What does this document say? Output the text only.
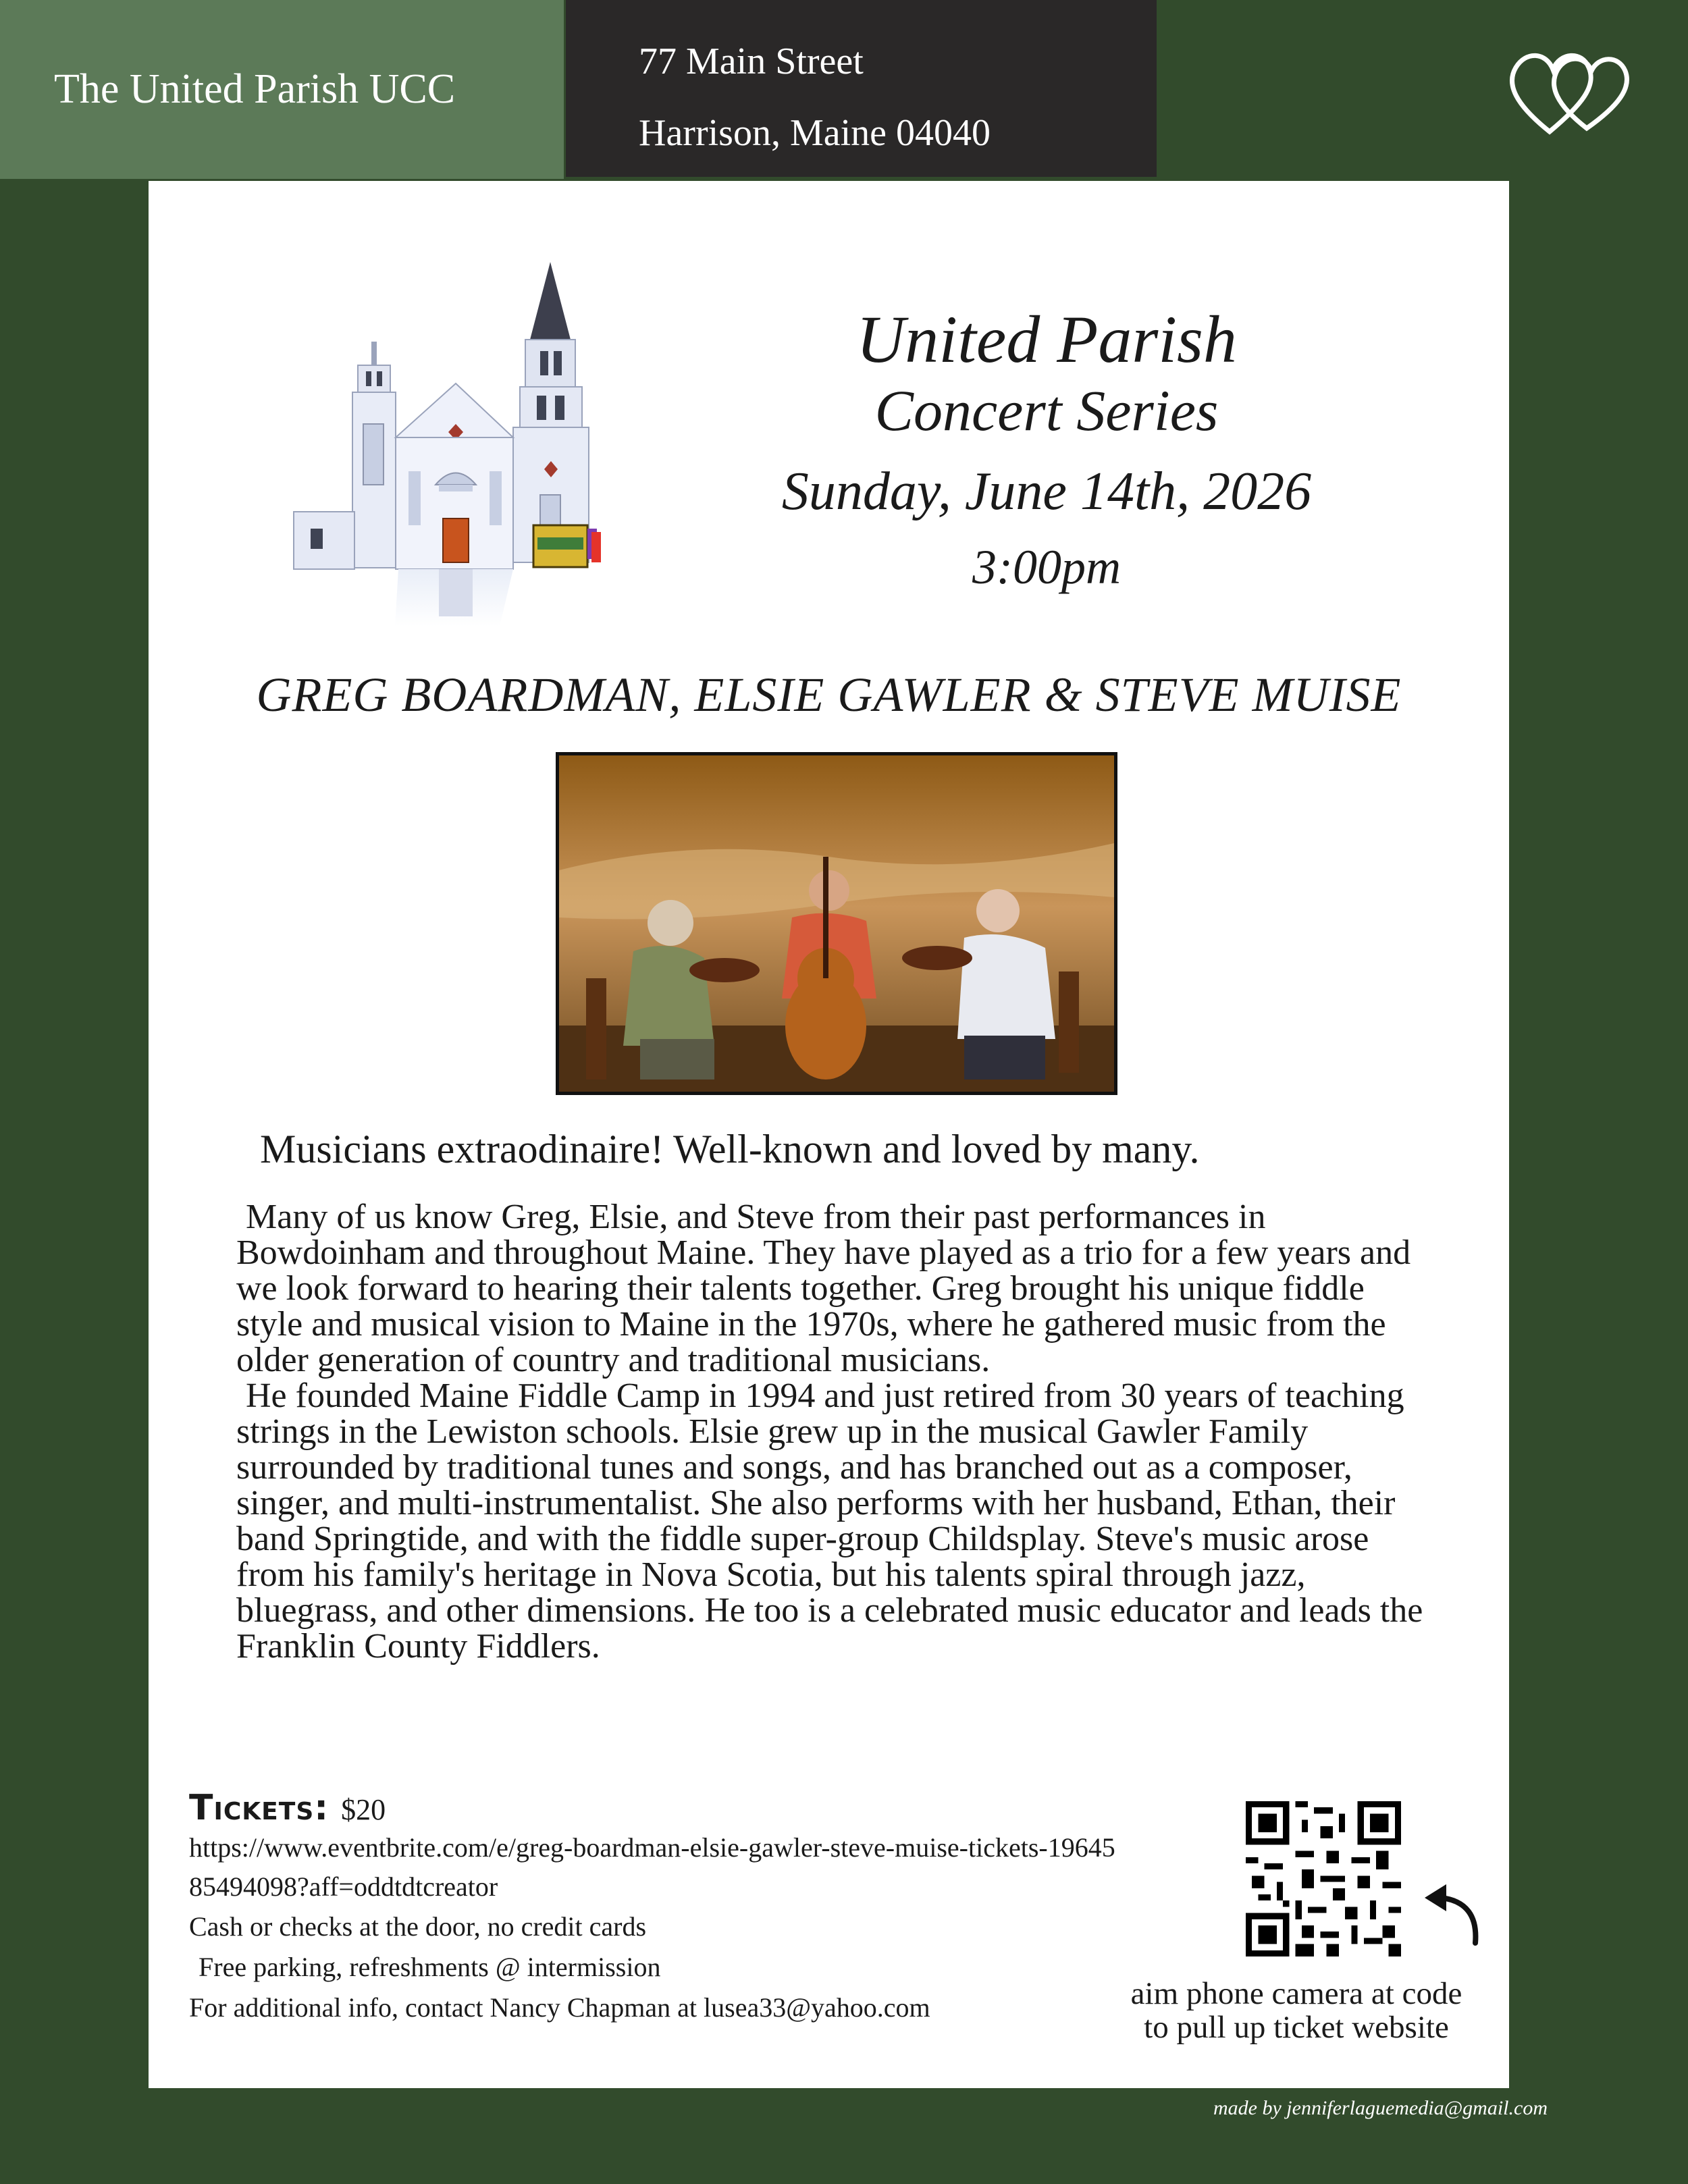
The United Parish UCC
77 Main Street
Harrison, Maine 04040
United Parish
Concert Series
Sunday, June 14th, 2026
3:00pm
GREG BOARDMAN, ELSIE GAWLER & STEVE MUISE
Musicians extraodinaire! Well-known and loved by many.

Many of us know Greg, Elsie, and Steve from their past performances in Bowdoinham and throughout Maine. They have played as a trio for a few years and we look forward to hearing their talents together. Greg brought his unique fiddle style and musical vision to Maine in the 1970s, where he gathered music from the older generation of country and traditional musicians.

He founded Maine Fiddle Camp in 1994 and just retired from 30 years of teaching strings in the Lewiston schools. Elsie grew up in the musical Gawler Family surrounded by traditional tunes and songs, and has branched out as a composer, singer, and multi-instrumentalist. She also performs with her husband, Ethan, their band Springtide, and with the fiddle super-group Childsplay. Steve's music arose from his family's heritage in Nova Scotia, but his talents spiral through jazz, bluegrass, and other dimensions. He too is a celebrated music educator and leads the Franklin County Fiddlers.

Tickets: $20
https://www.eventbrite.com/e/greg-boardman-elsie-gawler-steve-muise-tickets-1964585494098?aff=oddtdtcreator
Cash or checks at the door, no credit cards
Free parking, refreshments @ intermission
For additional info, contact Nancy Chapman at lusea33@yahoo.com	aim phone camera at code
to pull up ticket website
made by jenniferlaguemedia@gmail.com
